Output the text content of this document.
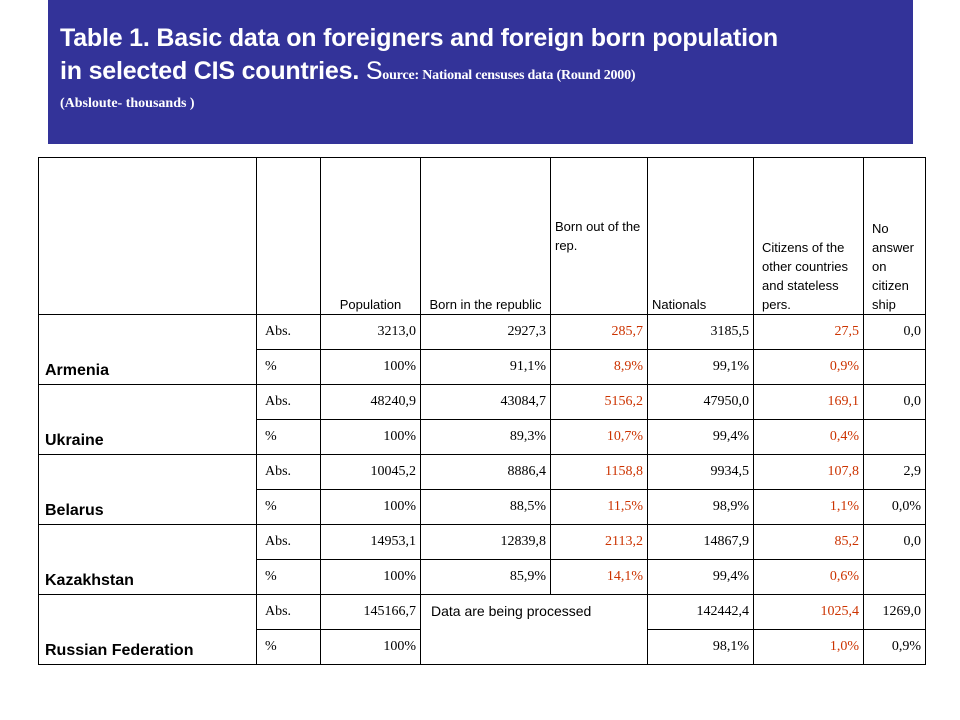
Table 1. Basic data on foreigners and foreign born population
in selected CIS countries. Source: National censuses data (Round 2000)
(Absloute- thousands )
		Population	Born in the republic	Born out of the rep.	Nationals	Citizens of the other countries and stateless pers.	No answer on citizen ship
Armenia	Abs.	3213,0	2927,3	285,7	3185,5	27,5	0,0
	%	100%	91,1%	8,9%	99,1%	0,9%	
Ukraine	Abs.	48240,9	43084,7	5156,2	47950,0	169,1	0,0
	%	100%	89,3%	10,7%	99,4%	0,4%	
Belarus	Abs.	10045,2	8886,4	1158,8	9934,5	107,8	2,9
	%	100%	88,5%	11,5%	98,9%	1,1%	0,0%
Kazakhstan	Abs.	14953,1	12839,8	2113,2	14867,9	85,2	0,0
	%	100%	85,9%	14,1%	99,4%	0,6%	
Russian Federation	Abs.	145166,7	Data are being processed		142442,4	1025,4	1269,0
	%	100%			98,1%	1,0%	0,9%
